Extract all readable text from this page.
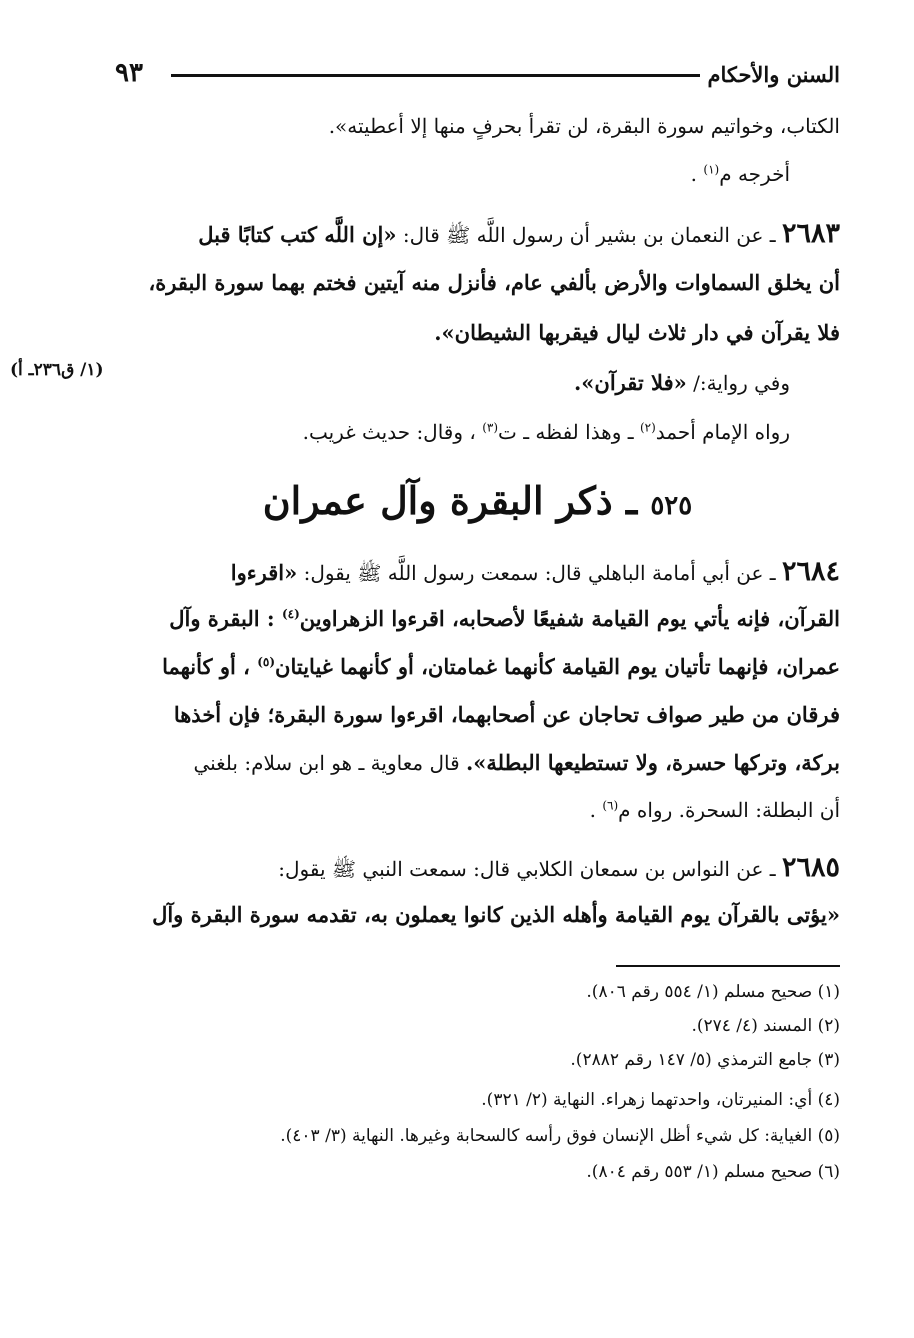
السنن والأحكام
٩٣
الكتاب، وخواتيم سورة البقرة، لن تقرأ بحرفٍ منها إلا أعطيته».
أخرجه م$^{(١)}$ .
٢٦٨٣ ـ عن النعمان بن بشير أن رسول اللَّه ﷺ قال: «إن اللَّه كتب كتابًا قبل
أن يخلق السماوات والأرض بألفي عام، فأنزل منه آيتين فختم بهما سورة البقرة،
فلا يقرآن في دار ثلاث ليال فيقربها الشيطان».
(١/ ق٢٣٦ـ أ)
وفي رواية:/ «فلا تقرآن».
رواه الإمام أحمد$^{(٢)}$ ـ وهذا لفظه ـ ت$^{(٣)}$ ، وقال: حديث غريب.
٥٢٥ ـ ذكر البقرة وآل عمران
٢٦٨٤ ـ عن أبي أمامة الباهلي قال: سمعت رسول اللَّه ﷺ يقول: «اقرءوا
القرآن، فإنه يأتي يوم القيامة شفيعًا لأصحابه، اقرءوا الزهراوين$^{(٤)}$ : البقرة وآل
عمران، فإنهما تأتيان يوم القيامة كأنهما غمامتان، أو كأنهما غيايتان$^{(٥)}$ ، أو كأنهما
فرقان من طير صواف تحاجان عن أصحابهما، اقرءوا سورة البقرة؛ فإن أخذها
بركة، وتركها حسرة، ولا تستطيعها البطلة». قال معاوية ـ هو ابن سلام: بلغني
أن البطلة: السحرة. رواه م$^{(٦)}$ .
٢٦٨٥ ـ عن النواس بن سمعان الكلابي قال: سمعت النبي ﷺ يقول:
«يؤتى بالقرآن يوم القيامة وأهله الذين كانوا يعملون به، تقدمه سورة البقرة وآل
(١) صحيح مسلم (١/ ٥٥٤ رقم ٨٠٦).
(٢) المسند (٤/ ٢٧٤).
(٣) جامع الترمذي (٥/ ١٤٧ رقم ٢٨٨٢).
(٤) أي: المنيرتان، واحدتهما زهراء. النهاية (٢/ ٣٢١).
(٥) الغياية: كل شيء أظل الإنسان فوق رأسه كالسحابة وغيرها. النهاية (٣/ ٤٠٣).
(٦) صحيح مسلم (١/ ٥٥٣ رقم ٨٠٤).
